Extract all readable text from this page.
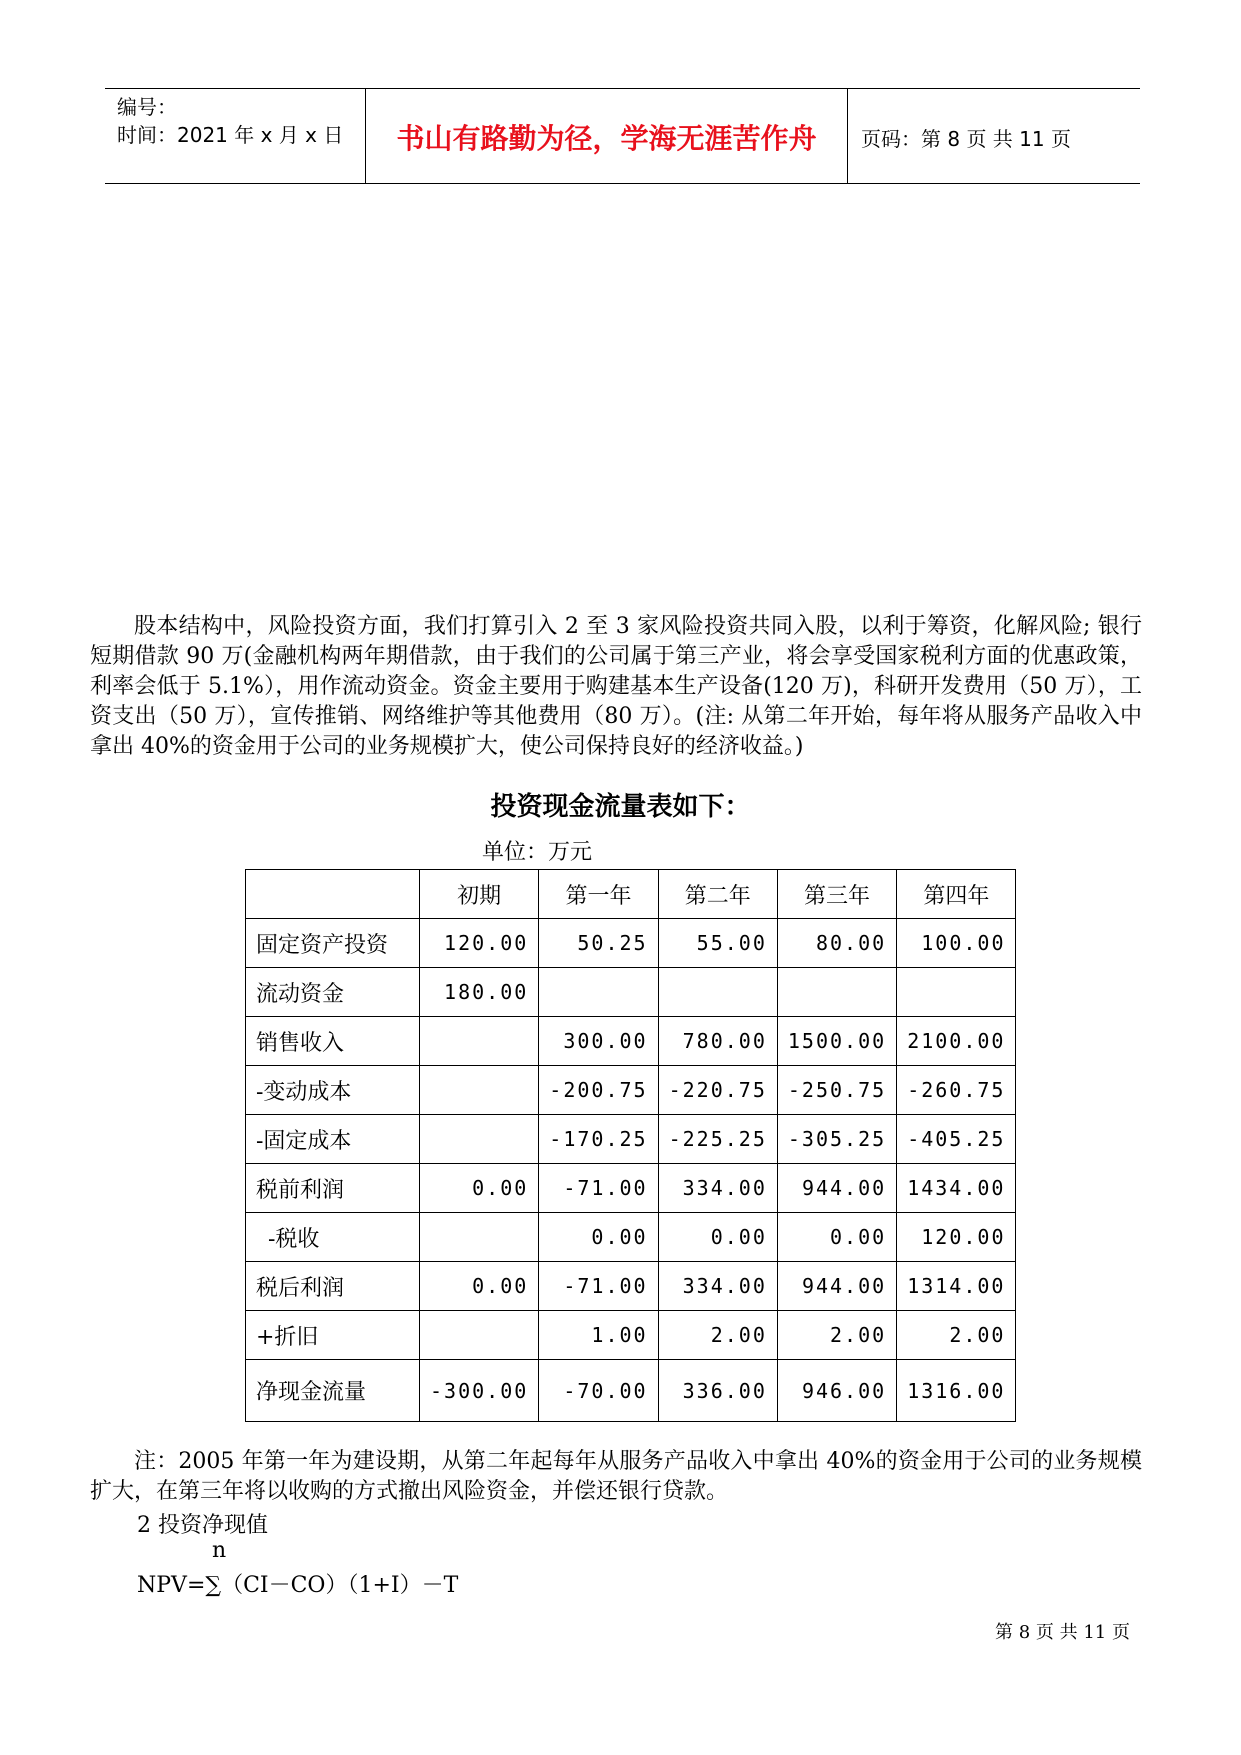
编号：
时间：2021 年 x 月 x 日	书山有路勤为径，学海无涯苦作舟	页码：第 8 页 共 11 页

股本结构中，风险投资方面，我们打算引入 2 至 3 家风险投资共同入股，以利于筹资，化解风险; 银行短期借款 90 万(金融机构两年期借款，由于我们的公司属于第三产业，将会享受国家税利方面的优惠政策，利率会低于 5.1%），用作流动资金。资金主要用于购建基本生产设备(120 万)，科研开发费用（50 万），工资支出（50 万），宣传推销、网络维护等其他费用（80 万）。(注: 从第二年开始，每年将从服务产品收入中拿出 40%的资金用于公司的业务规模扩大，使公司保持良好的经济收益。)

投资现金流量表如下：
单位：万元
	初期	第一年	第二年	第三年	第四年
固定资产投资	120.00	50.25	55.00	80.00	100.00
流动资金	180.00				
销售收入		300.00	780.00	1500.00	2100.00
-变动成本		-200.75	-220.75	-250.75	-260.75
-固定成本		-170.25	-225.25	-305.25	-405.25
税前利润	0.00	-71.00	334.00	944.00	1434.00
-税收		0.00	0.00	0.00	120.00
税后利润	0.00	-71.00	334.00	944.00	1314.00
+折旧		1.00	2.00	2.00	2.00
净现金流量	-300.00	-70.00	336.00	946.00	1316.00

注：2005 年第一年为建设期，从第二年起每年从服务产品收入中拿出 40%的资金用于公司的业务规模扩大，在第三年将以收购的方式撤出风险资金，并偿还银行贷款。

2 投资净现值
n
NPV=∑（CI－CO）（1+I）－T
第 8 页 共 11 页
